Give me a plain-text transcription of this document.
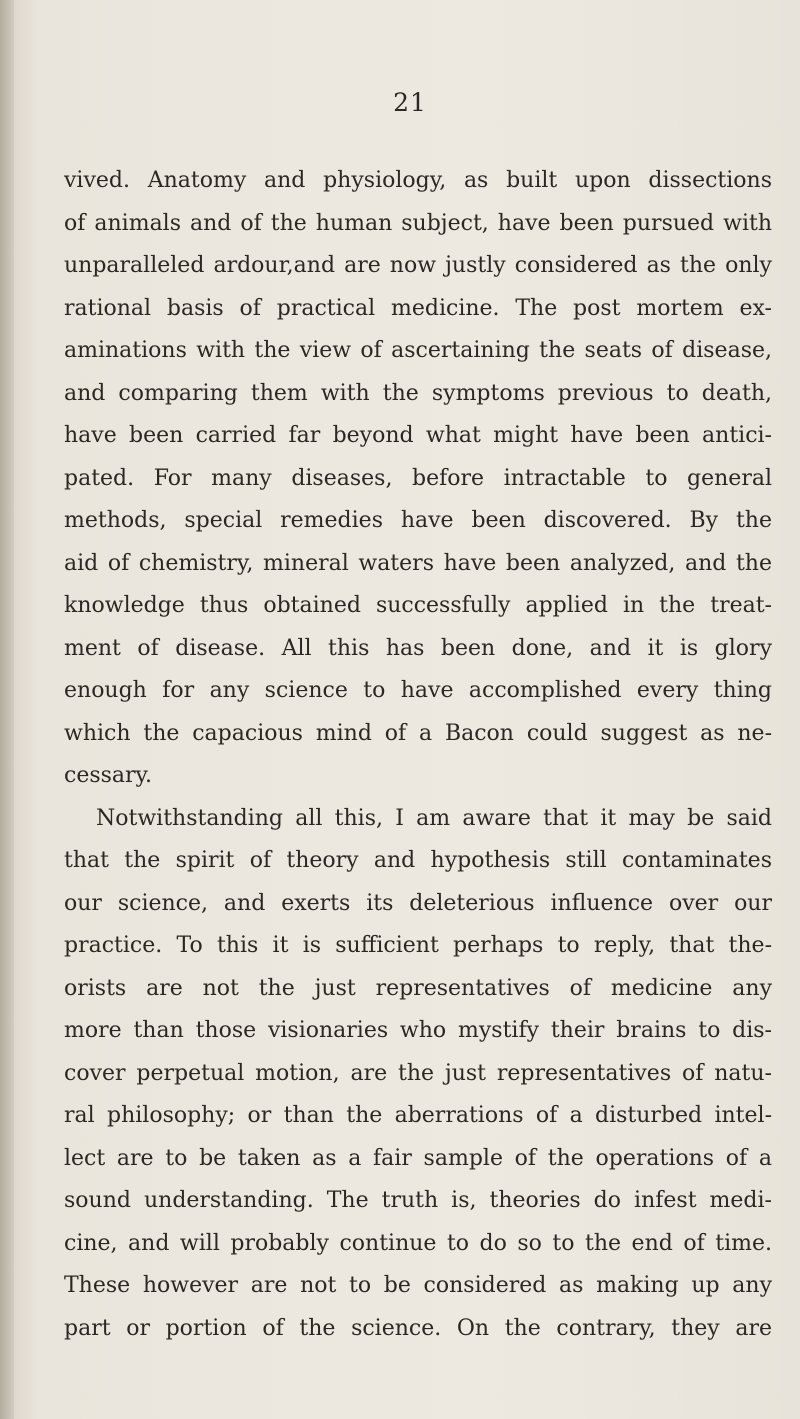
21
vived. Anatomy and physiology, as built upon dissections
of animals and of the human subject, have been pursued with
unparalleled ardour,and are now justly considered as the only
rational basis of practical medicine. The post mortem ex-
aminations with the view of ascertaining the seats of disease,
and comparing them with the symptoms previous to death,
have been carried far beyond what might have been antici-
pated. For many diseases, before intractable to general
methods, special remedies have been discovered. By the
aid of chemistry, mineral waters have been analyzed, and the
knowledge thus obtained successfully applied in the treat-
ment of disease. All this has been done, and it is glory
enough for any science to have accomplished every thing
which the capacious mind of a Bacon could suggest as ne-
cessary.
Notwithstanding all this, I am aware that it may be said
that the spirit of theory and hypothesis still contaminates
our science, and exerts its deleterious influence over our
practice. To this it is sufficient perhaps to reply, that the-
orists are not the just representatives of medicine any
more than those visionaries who mystify their brains to dis-
cover perpetual motion, are the just representatives of natu-
ral philosophy; or than the aberrations of a disturbed intel-
lect are to be taken as a fair sample of the operations of a
sound understanding. The truth is, theories do infest medi-
cine, and will probably continue to do so to the end of time.
These however are not to be considered as making up any
part or portion of the science. On the contrary, they are
